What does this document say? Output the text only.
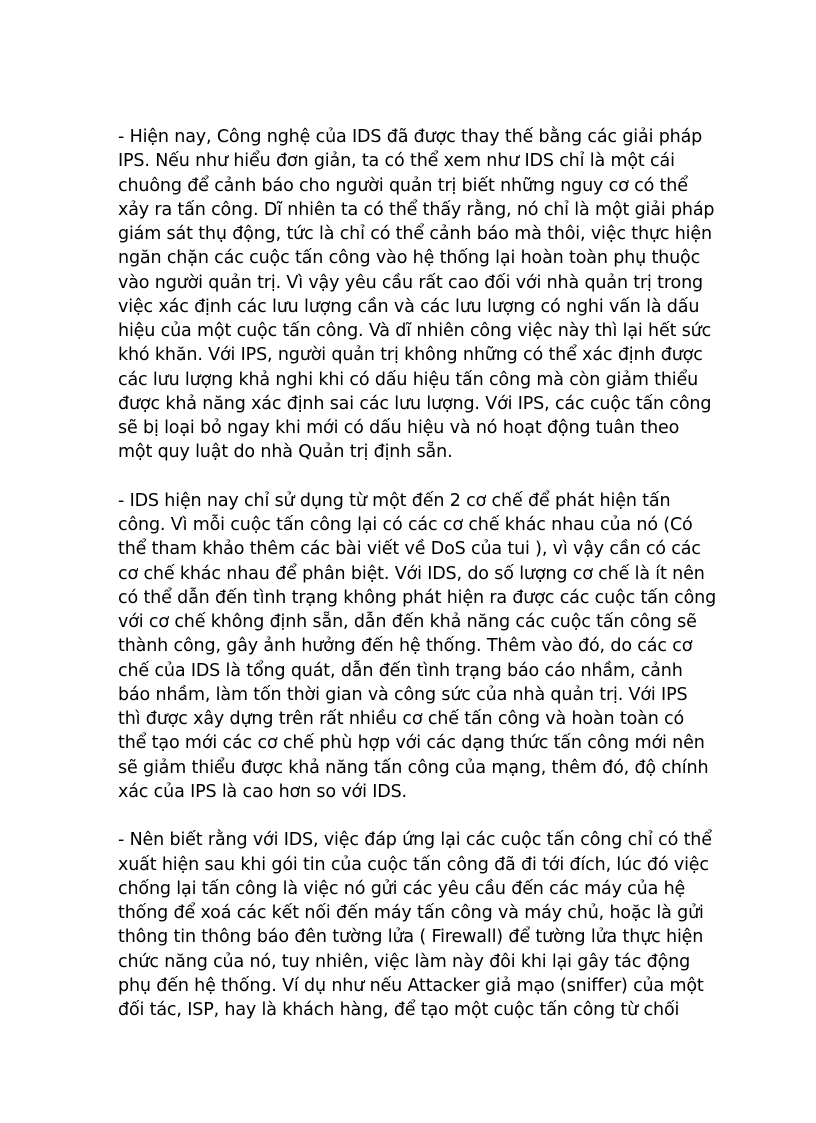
- Hiện nay, Công nghệ của IDS đã được thay thế bằng các giải pháp
IPS. Nếu như hiểu đơn giản, ta có thể xem như IDS chỉ là một cái
chuông để cảnh báo cho người quản trị biết những nguy cơ có thể
xảy ra tấn công. Dĩ nhiên ta có thể thấy rằng, nó chỉ là một giải pháp
giám sát thụ động, tức là chỉ có thể cảnh báo mà thôi, việc thực hiện
ngăn chặn các cuộc tấn công vào hệ thống lại hoàn toàn phụ thuộc
vào người quản trị. Vì vậy yêu cầu rất cao đối với nhà quản trị trong
việc xác định các lưu lượng cần và các lưu lượng có nghi vấn là dấu
hiệu của một cuộc tấn công. Và dĩ nhiên công việc này thì lại hết sức
khó khăn. Với IPS, người quản trị không những có thể xác định được
các lưu lượng khả nghi khi có dấu hiệu tấn công mà còn giảm thiểu
được khả năng xác định sai các lưu lượng. Với IPS, các cuộc tấn công
sẽ bị loại bỏ ngay khi mới có dấu hiệu và nó hoạt động tuân theo
một quy luật do nhà Quản trị định sẵn.

- IDS hiện nay chỉ sử dụng từ một đến 2 cơ chế để phát hiện tấn
công. Vì mỗi cuộc tấn công lại có các cơ chế khác nhau của nó (Có
thể tham khảo thêm các bài viết về DoS của tui ), vì vậy cần có các
cơ chế khác nhau để phân biệt. Với IDS, do số lượng cơ chế là ít nên
có thể dẫn đến tình trạng không phát hiện ra được các cuộc tấn công
với cơ chế không định sẵn, dẫn đến khả năng các cuộc tấn công sẽ
thành công, gây ảnh hưởng đến hệ thống. Thêm vào đó, do các cơ
chế của IDS là tổng quát, dẫn đến tình trạng báo cáo nhầm, cảnh
báo nhầm, làm tốn thời gian và công sức của nhà quản trị. Với IPS
thì được xây dựng trên rất nhiều cơ chế tấn công và hoàn toàn có
thể tạo mới các cơ chế phù hợp với các dạng thức tấn công mới nên
sẽ giảm thiểu được khả năng tấn công của mạng, thêm đó, độ chính
xác của IPS là cao hơn so với IDS.

- Nên biết rằng với IDS, việc đáp ứng lại các cuộc tấn công chỉ có thể
xuất hiện sau khi gói tin của cuộc tấn công đã đi tới đích, lúc đó việc
chống lại tấn công là việc nó gửi các yêu cầu đến các máy của hệ
thống để xoá các kết nối đến máy tấn công và máy chủ, hoặc là gửi
thông tin thông báo đên tường lửa ( Firewall) để tường lửa thực hiện
chức năng của nó, tuy nhiên, việc làm này đôi khi lại gây tác động
phụ đến hệ thống. Ví dụ như nếu Attacker giả mạo (sniffer) của một
đối tác, ISP, hay là khách hàng, để tạo một cuộc tấn công từ chối
